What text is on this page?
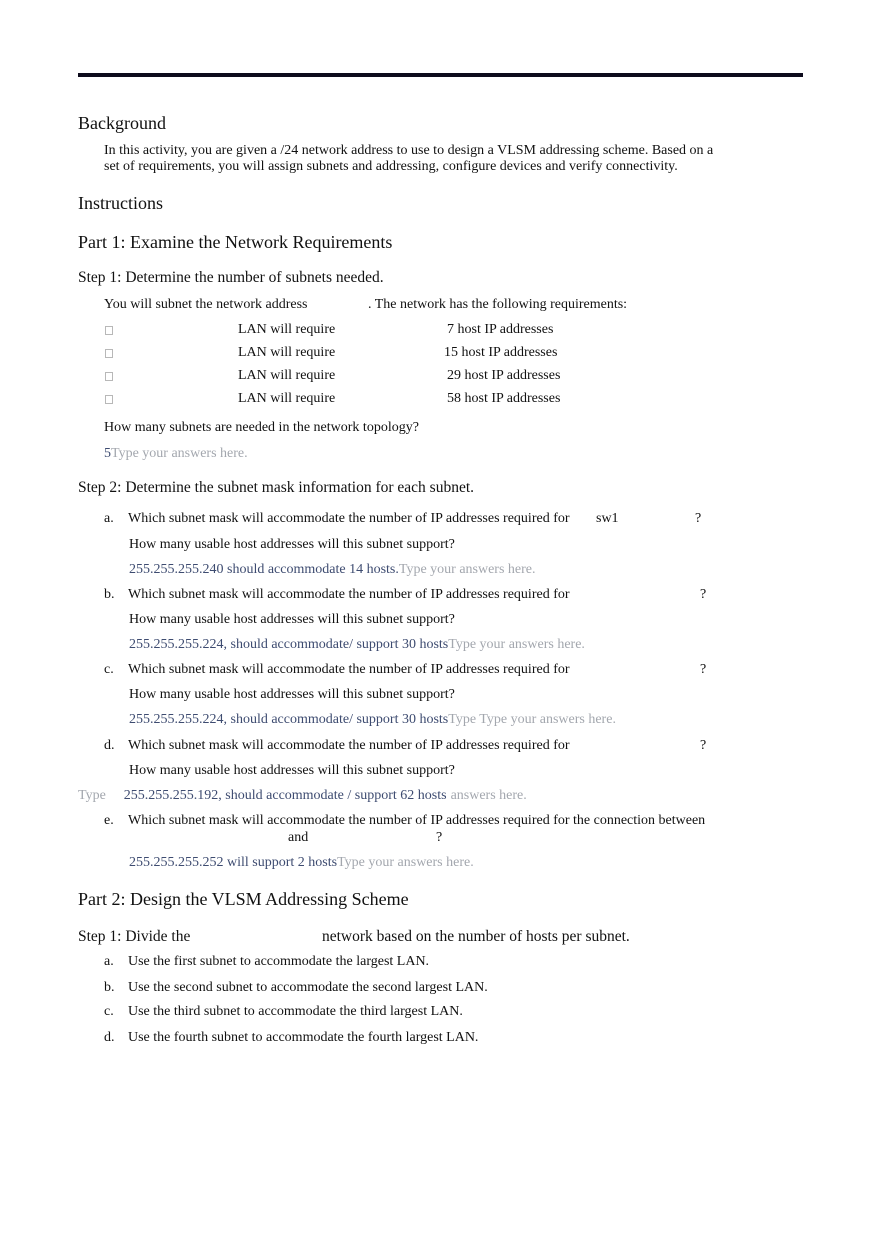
Background
In this activity, you are given a /24 network address to use to design a VLSM addressing scheme. Based on a
set of requirements, you will assign subnets and addressing, configure devices and verify connectivity.
Instructions
Part 1: Examine the Network Requirements
Step 1: Determine the number of subnets needed.
You will subnet the network address	. The network has the following requirements:
LAN will require	7 host IP addresses
LAN will require	15 host IP addresses
LAN will require	29 host IP addresses
LAN will require	58 host IP addresses
How many subnets are needed in the network topology?
5Type your answers here.
Step 2: Determine the subnet mask information for each subnet.
a. Which subnet mask will accommodate the number of IP addresses required for sw1	?
How many usable host addresses will this subnet support?
255.255.255.240 should accommodate 14 hosts.Type your answers here.
b. Which subnet mask will accommodate the number of IP addresses required for	?
How many usable host addresses will this subnet support?
255.255.255.224, should accommodate/ support 30 hostsType your answers here.
c. Which subnet mask will accommodate the number of IP addresses required for	?
How many usable host addresses will this subnet support?
255.255.255.224, should accommodate/ support 30 hostsType Type your answers here.
d. Which subnet mask will accommodate the number of IP addresses required for	?
How many usable host addresses will this subnet support?
Type 255.255.255.192, should accommodate / support 62 hosts answers here.
e. Which subnet mask will accommodate the number of IP addresses required for the connection between
and	?
255.255.255.252 will support 2 hostsType your answers here.
Part 2: Design the VLSM Addressing Scheme
Step 1: Divide the	network based on the number of hosts per subnet.
a. Use the first subnet to accommodate the largest LAN.
b. Use the second subnet to accommodate the second largest LAN.
c. Use the third subnet to accommodate the third largest LAN.
d. Use the fourth subnet to accommodate the fourth largest LAN.
